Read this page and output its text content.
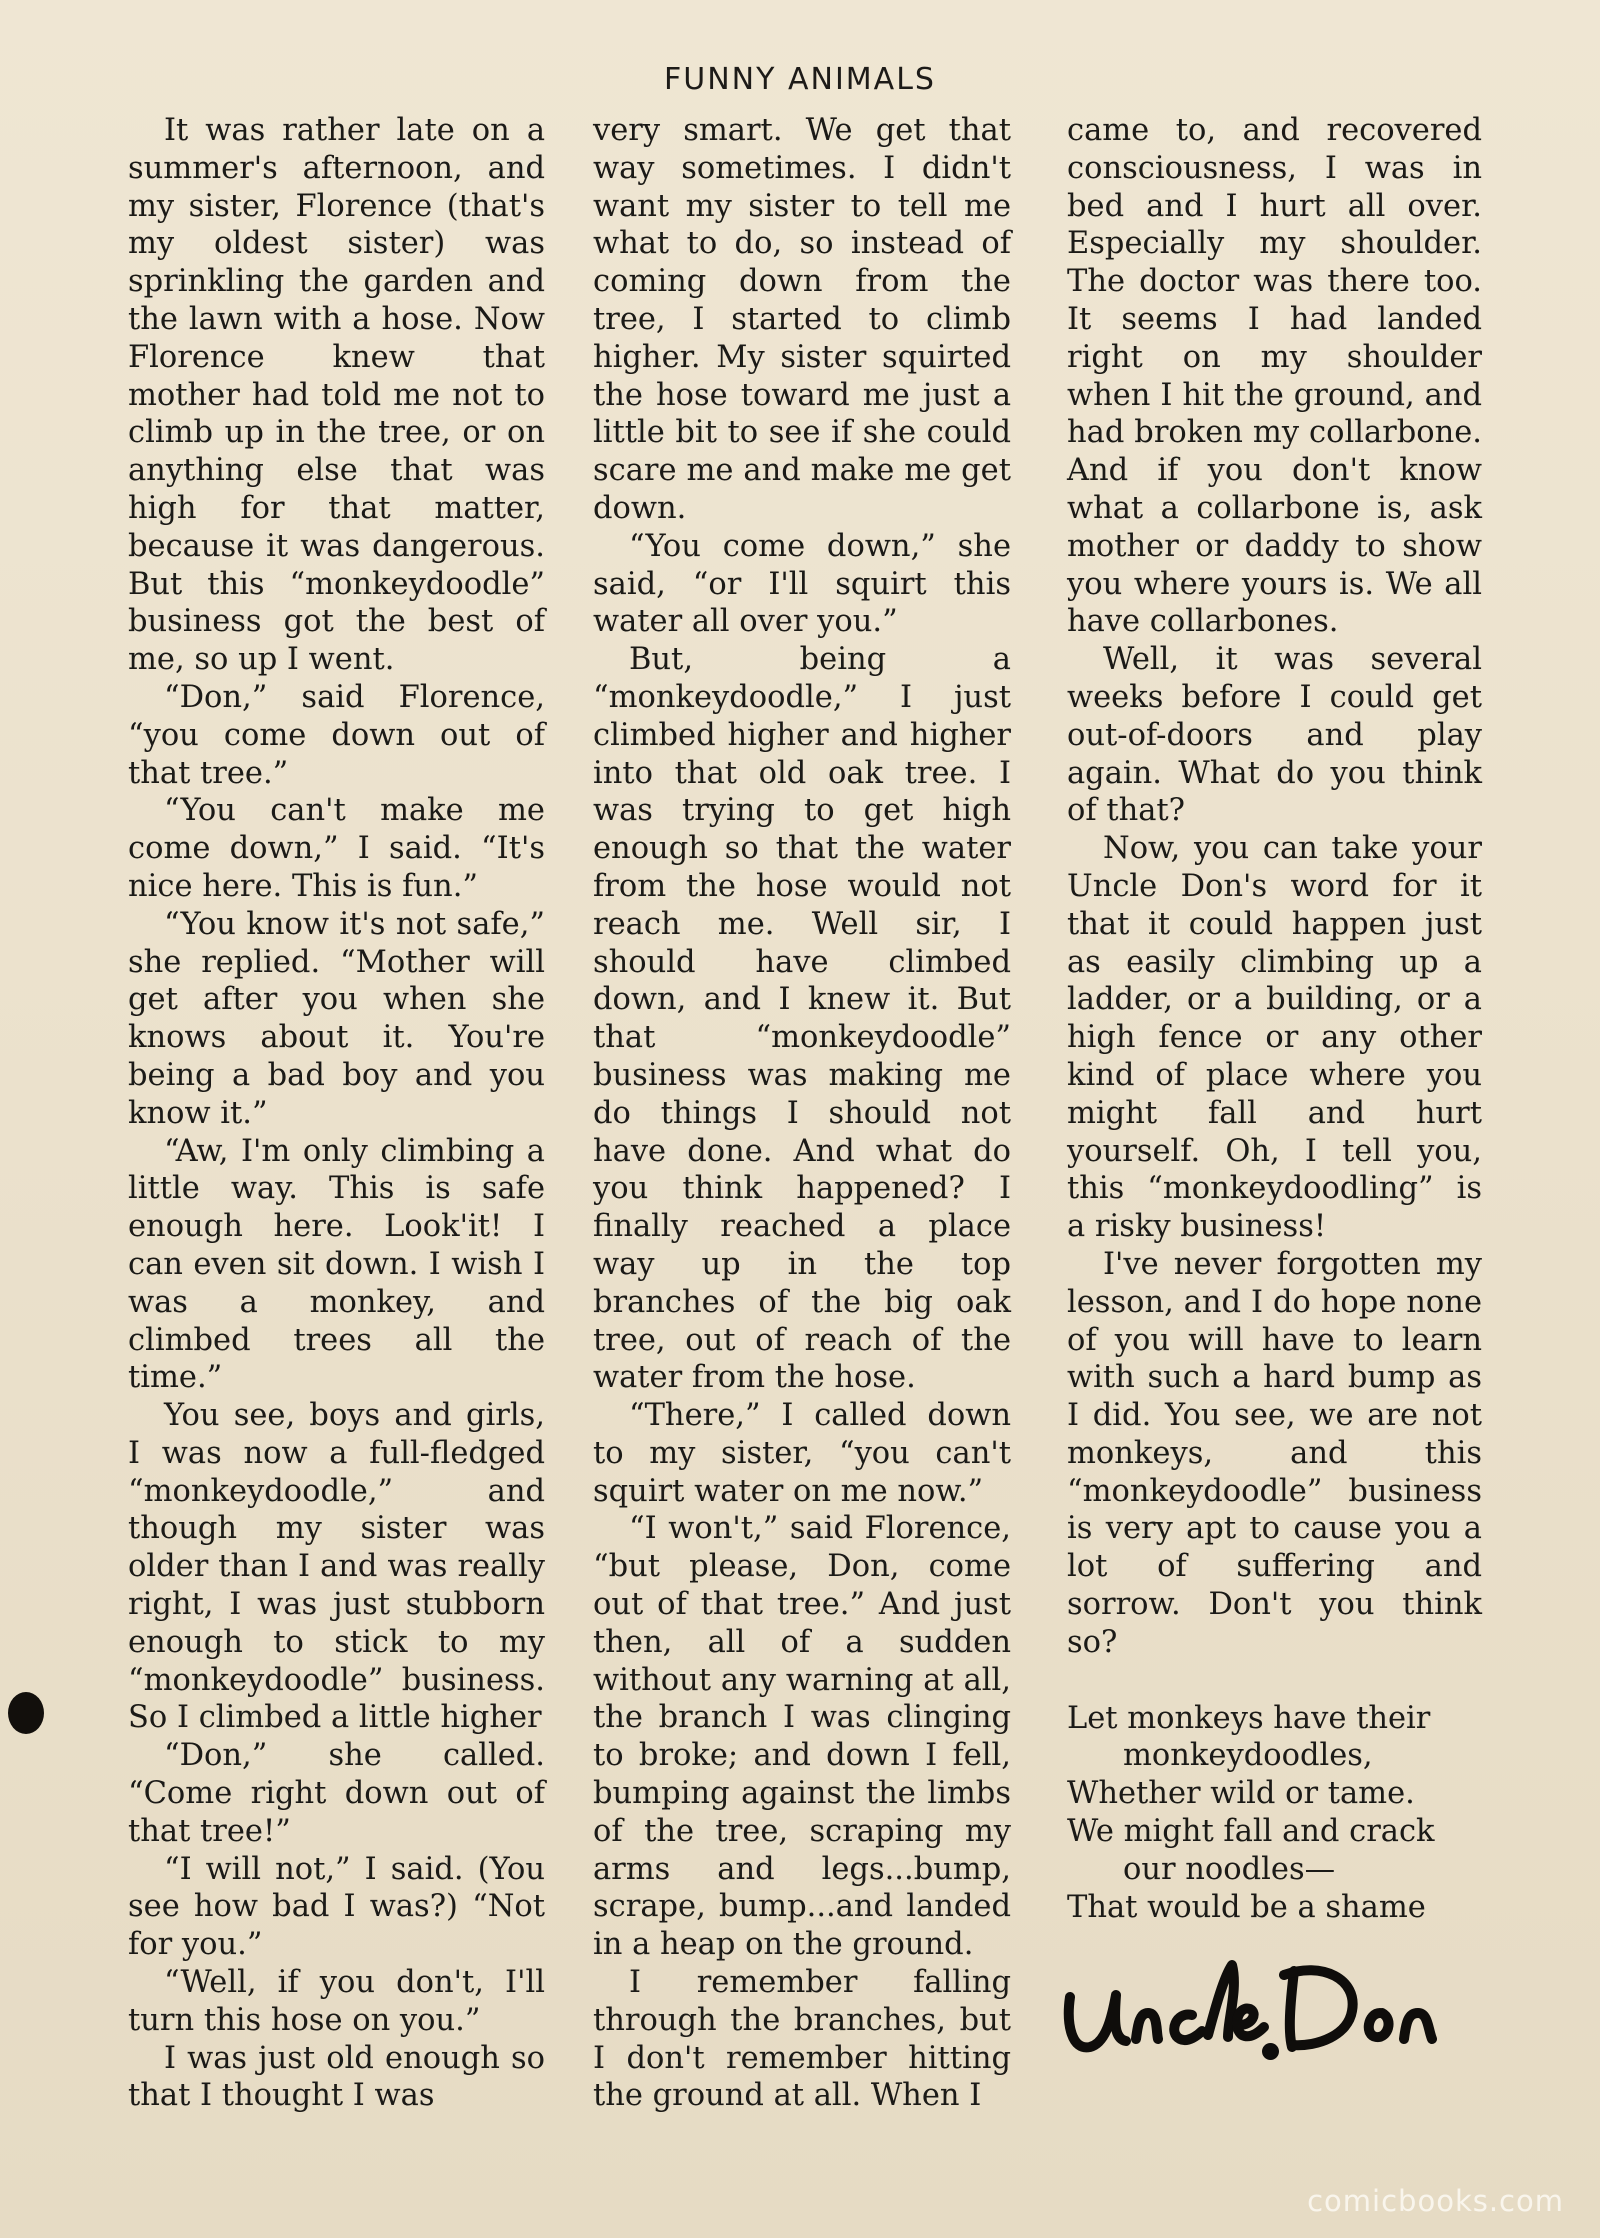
FUNNY ANIMALS

It was rather late on a summer's afternoon, and my sister, Florence (that's my oldest sister) was sprinkling the garden and the lawn with a hose. Now Florence knew that mother had told me not to climb up in the tree, or on anything else that was high for that matter, because it was dangerous. But this “monkeydoodle” business got the best of me, so up I went.

“Don,” said Florence, “you come down out of that tree.”

“You can't make me come down,” I said. “It's nice here. This is fun.”

“You know it's not safe,” she replied. “Mother will get after you when she knows about it. You're being a bad boy and you know it.”

“Aw, I'm only climbing a little way. This is safe enough here. Look'it! I can even sit down. I wish I was a monkey, and climbed trees all the time.”

You see, boys and girls, I was now a full-fledged “monkeydoodle,” and though my sister was older than I and was really right, I was just stubborn enough to stick to my “monkeydoodle” business. So I climbed a little higher

“Don,” she called. “Come right down out of that tree!”

“I will not,” I said. (You see how bad I was?) “Not for you.”

“Well, if you don't, I'll turn this hose on you.”

I was just old enough so that I thought I was

very smart. We get that way sometimes. I didn't want my sister to tell me what to do, so instead of coming down from the tree, I started to climb higher. My sister squirted the hose toward me just a little bit to see if she could scare me and make me get down.

“You come down,” she said, “or I'll squirt this water all over you.”

But, being a “monkeydoodle,” I just climbed higher and higher into that old oak tree. I was trying to get high enough so that the water from the hose would not reach me. Well sir, I should have climbed down, and I knew it. But that “monkeydoodle” business was making me do things I should not have done. And what do you think happened? I finally reached a place way up in the top branches of the big oak tree, out of reach of the water from the hose.

“There,” I called down to my sister, “you can't squirt water on me now.”

“I won't,” said Florence, “but please, Don, come out of that tree.” And just then, all of a sudden without any warning at all, the branch I was clinging to broke; and down I fell, bumping against the limbs of the tree, scraping my arms and legs...bump, scrape, bump...and landed in a heap on the ground.

I remember falling through the branches, but I don't remember hitting the ground at all. When I

came to, and recovered consciousness, I was in bed and I hurt all over. Especially my shoulder. The doctor was there too. It seems I had landed right on my shoulder when I hit the ground, and had broken my collarbone. And if you don't know what a collarbone is, ask mother or daddy to show you where yours is. We all have collarbones.

Well, it was several weeks before I could get out-of-doors and play again. What do you think of that?

Now, you can take your Uncle Don's word for it that it could happen just as easily climbing up a ladder, or a building, or a high fence or any other kind of place where you might fall and hurt yourself. Oh, I tell you, this “monkeydoodling” is a risky business!

I've never forgotten my lesson, and I do hope none of you will have to learn with such a hard bump as I did. You see, we are not monkeys, and this “monkeydoodle” business is very apt to cause you a lot of suffering and sorrow. Don't you think so?

Let monkeys have their
monkeydoodles,
Whether wild or tame.
We might fall and crack
our noodles—
That would be a shame
comicbooks.com
